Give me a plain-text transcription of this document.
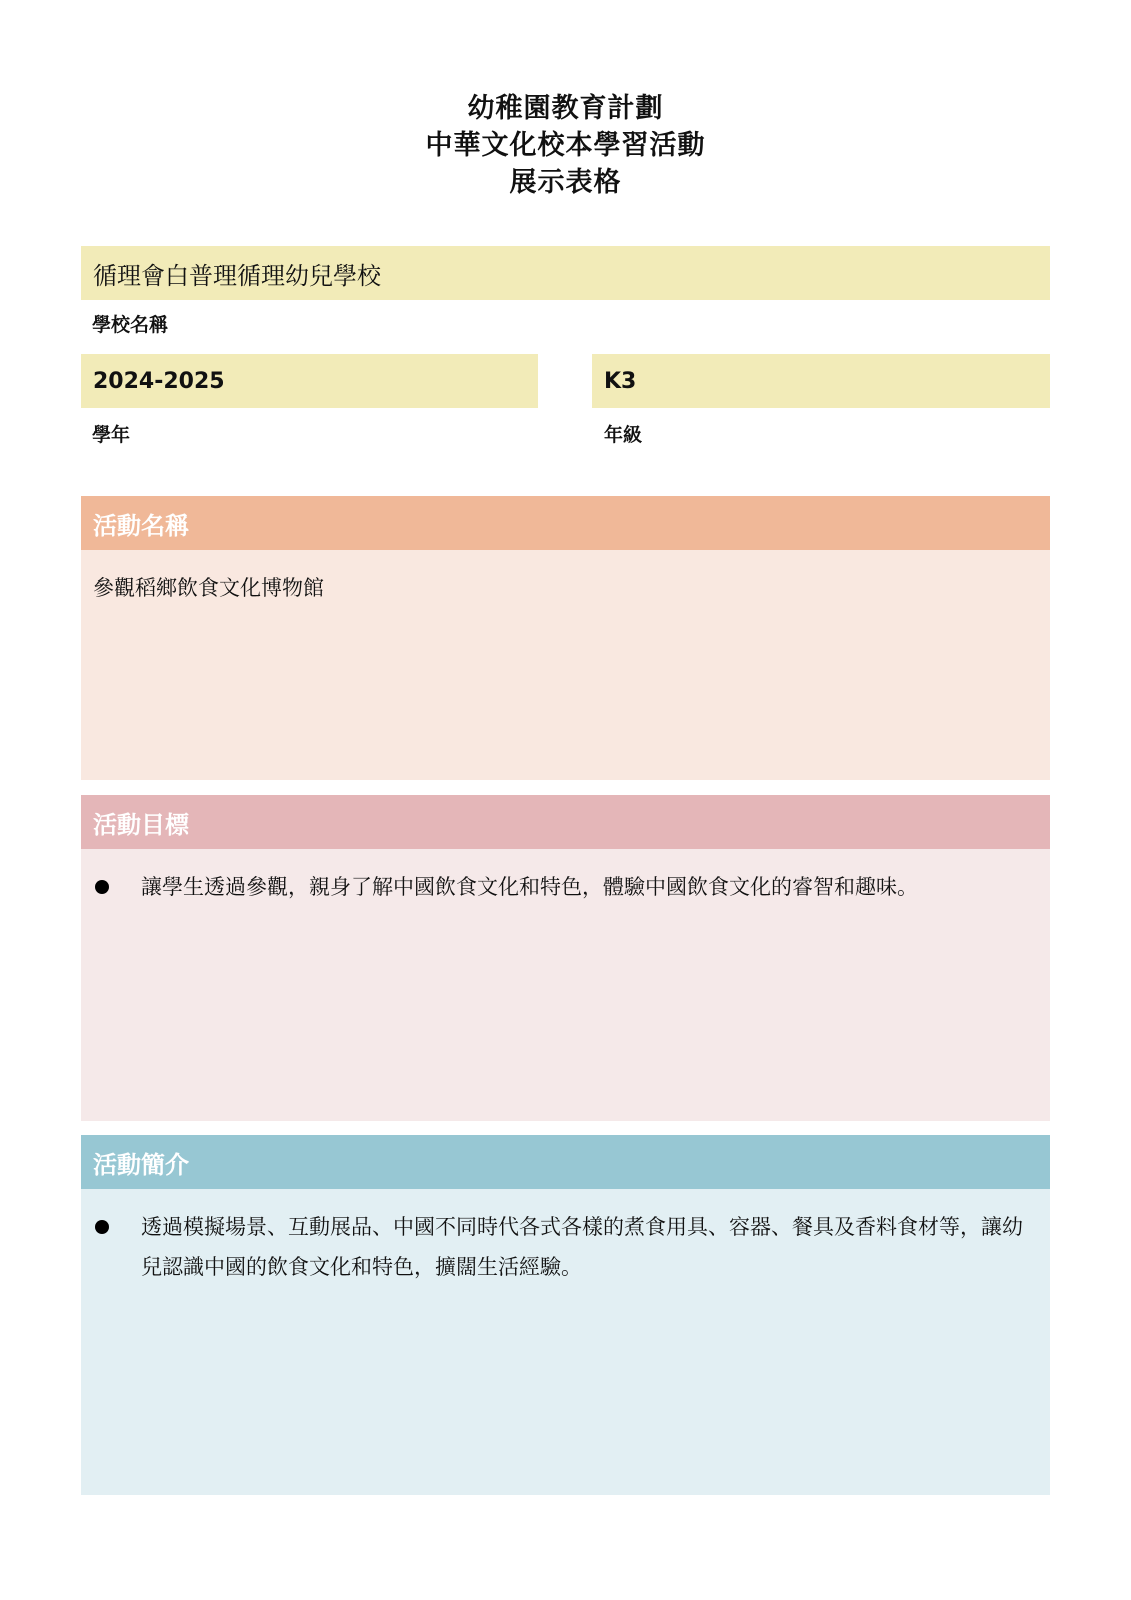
幼稚園教育計劃
中華文化校本學習活動
展示表格
循理會白普理循理幼兒學校
學校名稱
2024-2025
學年
K3
年級
活動名稱
參觀稻鄉飲食文化博物館
活動目標
讓學生透過參觀，親身了解中國飲食文化和特色，體驗中國飲食文化的睿智和趣味。
活動簡介
透過模擬場景、互動展品、中國不同時代各式各樣的煮食用具、容器、餐具及香料食材等，讓幼兒認識中國的飲食文化和特色，擴闊生活經驗。
